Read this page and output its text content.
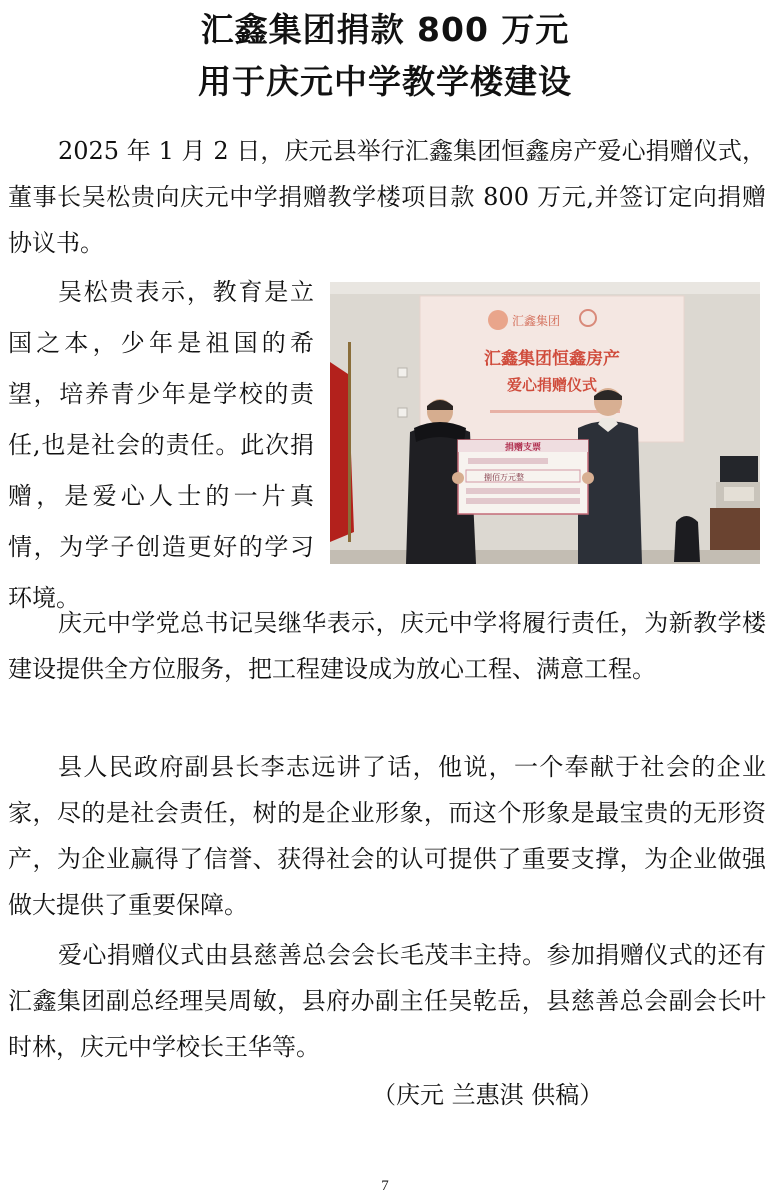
汇鑫集团捐款 800 万元
用于庆元中学教学楼建设

2025 年 1 月 2 日，庆元县举行汇鑫集团恒鑫房产爱心捐赠仪式，董事长吴松贵向庆元中学捐赠教学楼项目款 800 万元,并签订定向捐赠协议书。

吴松贵表示，教育是立国之本，少年是祖国的希望，培养青少年是学校的责任,也是社会的责任。此次捐赠，是爱心人士的一片真情，为学子创造更好的学习环境。

汇鑫集团
汇鑫集团恒鑫房产
爱心捐赠仪式
捐赠支票
捌佰万元整

庆元中学党总书记吴继华表示，庆元中学将履行责任，为新教学楼建设提供全方位服务，把工程建设成为放心工程、满意工程。

县人民政府副县长李志远讲了话，他说，一个奉献于社会的企业家，尽的是社会责任，树的是企业形象，而这个形象是最宝贵的无形资产，为企业赢得了信誉、获得社会的认可提供了重要支撑，为企业做强做大提供了重要保障。

爱心捐赠仪式由县慈善总会会长毛茂丰主持。参加捐赠仪式的还有汇鑫集团副总经理吴周敏，县府办副主任吴乾岳，县慈善总会副会长叶时林，庆元中学校长王华等。

（庆元 兰惠淇 供稿）
7
